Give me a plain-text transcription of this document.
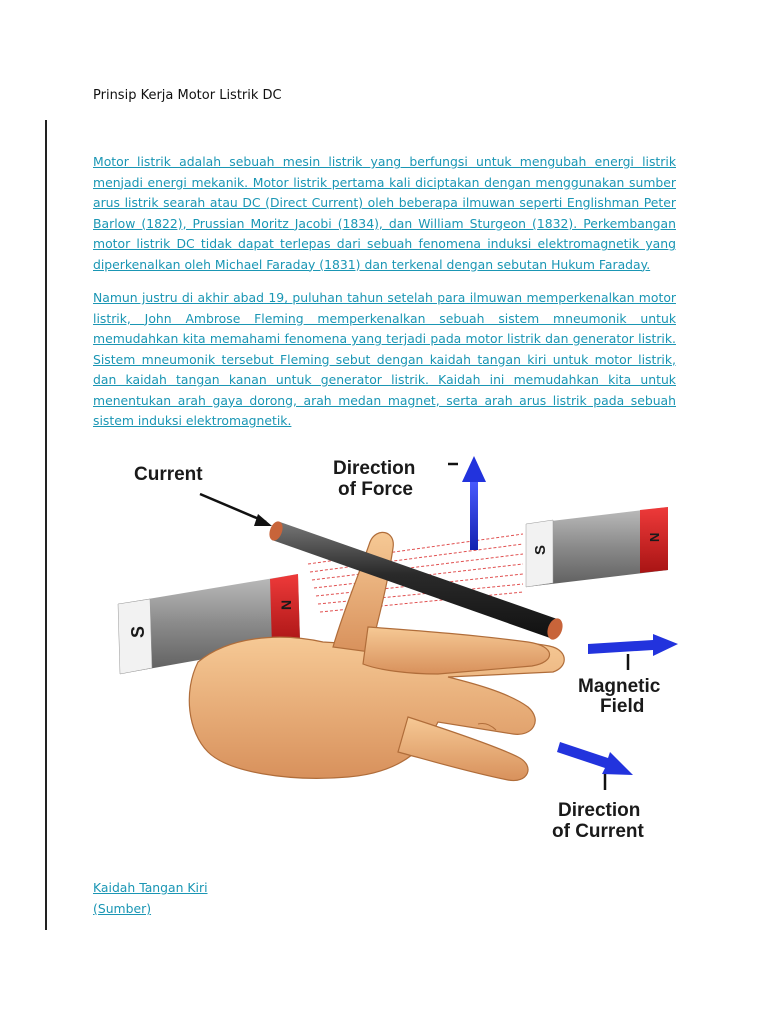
Prinsip Kerja Motor Listrik DC

Motor listrik adalah sebuah mesin listrik yang berfungsi untuk mengubah energi listrik menjadi energi mekanik. Motor listrik pertama kali diciptakan dengan menggunakan sumber arus listrik searah atau DC (Direct Current) oleh beberapa ilmuwan seperti Englishman Peter Barlow (1822), Prussian Moritz Jacobi (1834), dan William Sturgeon (1832). Perkembangan motor listrik DC tidak dapat terlepas dari sebuah fenomena induksi elektromagnetik yang diperkenalkan oleh Michael Faraday (1831) dan terkenal dengan sebutan Hukum Faraday.

Namun justru di akhir abad 19, puluhan tahun setelah para ilmuwan memperkenalkan motor listrik, John Ambrose Fleming memperkenalkan sebuah sistem mneumonik untuk memudahkan kita memahami fenomena yang terjadi pada motor listrik dan generator listrik. Sistem mneumonik tersebut Fleming sebut dengan kaidah tangan kiri untuk motor listrik, dan kaidah tangan kanan untuk generator listrik. Kaidah ini memudahkan kita untuk menentukan arah gaya dorong, arah medan magnet, serta arah arus listrik pada sebuah sistem induksi elektromagnetik.

S
N
S
N
Current	Direction
of Force
Magnetic
Field
Direction
of Current
Kaidah Tangan Kiri
(Sumber)
